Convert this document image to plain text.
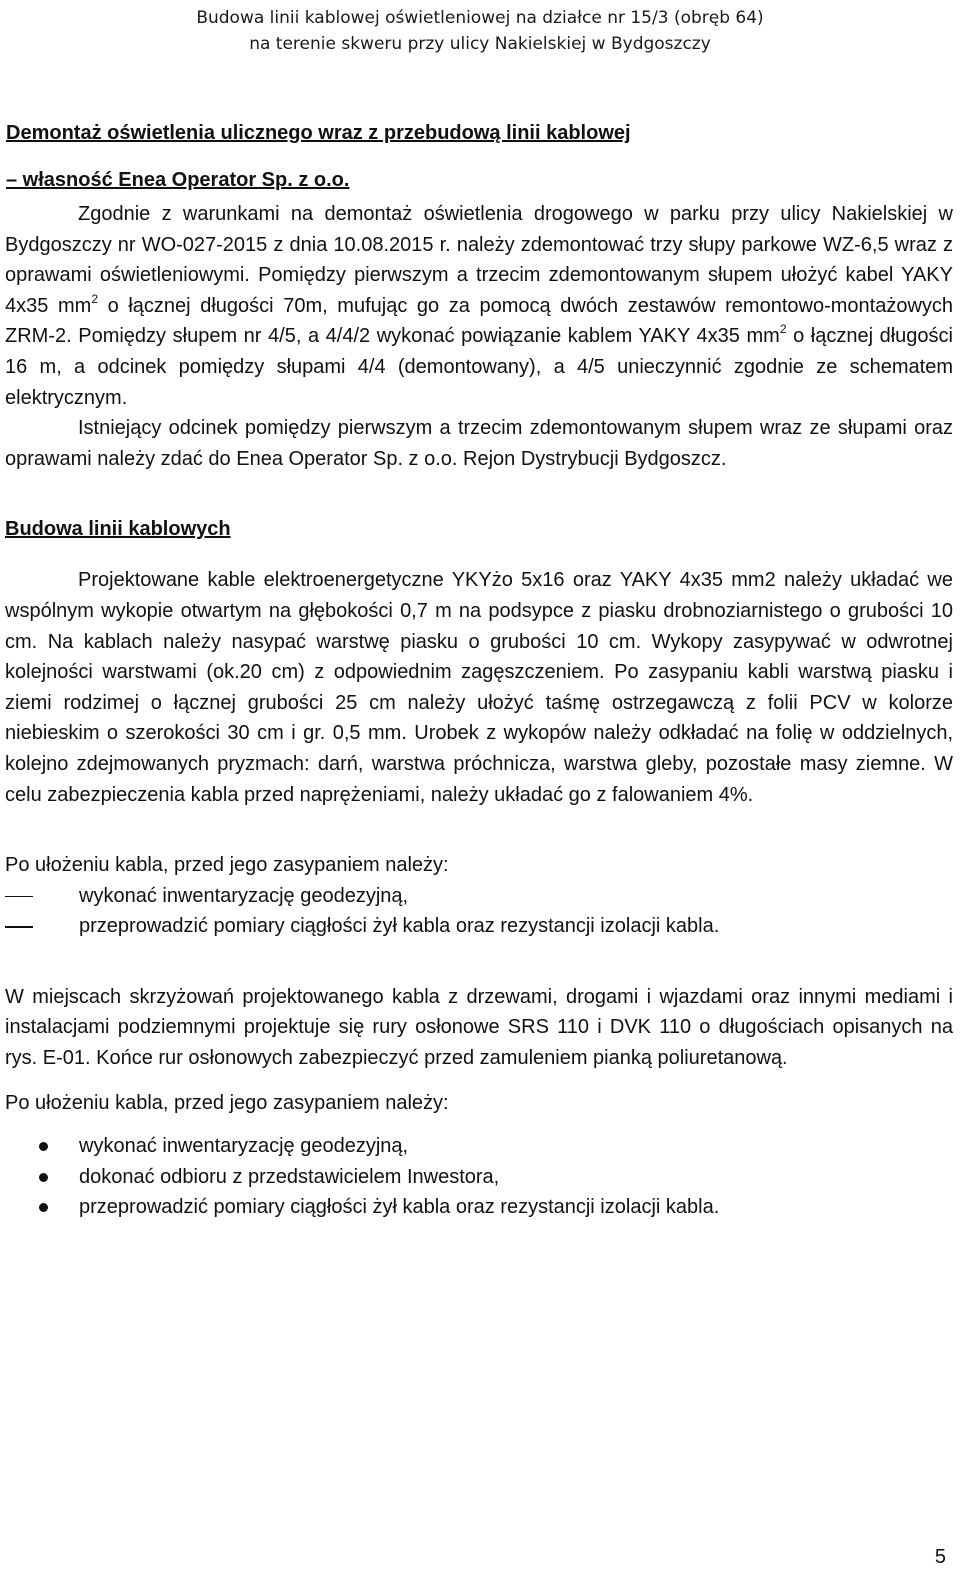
Budowa linii kablowej oświetleniowej na działce nr 15/3 (obręb 64)
na terenie skweru przy ulicy Nakielskiej w Bydgoszczy
Demontaż oświetlenia ulicznego wraz z przebudową linii kablowej
– własność Enea Operator Sp. z o.o.

Zgodnie z warunkami na demontaż oświetlenia drogowego w parku przy ulicy Nakielskiej w Bydgoszczy nr WO-027-2015 z dnia 10.08.2015 r. należy zdemontować trzy słupy parkowe WZ-6,5 wraz z oprawami oświetleniowymi. Pomiędzy pierwszym a trzecim zdemontowanym słupem ułożyć kabel YAKY 4x35 $mm^2$ o łącznej długości 70m, mufując go za pomocą dwóch zestawów remontowo-montażowych ZRM-2. Pomiędzy słupem nr 4/5, a 4/4/2 wykonać powiązanie kablem YAKY 4x35 $mm^2$ o łącznej długości 16 m, a odcinek pomiędzy słupami 4/4 (demontowany), a 4/5 unieczynnić zgodnie ze schematem elektrycznym.

Istniejący odcinek pomiędzy pierwszym a trzecim zdemontowanym słupem wraz ze słupami oraz oprawami należy zdać do Enea Operator Sp. z o.o. Rejon Dystrybucji Bydgoszcz.

Budowa linii kablowych

Projektowane kable elektroenergetyczne YKYżo 5x16 oraz YAKY 4x35 mm2 należy układać we wspólnym wykopie otwartym na głębokości 0,7 m na podsypce z piasku drobnoziarnistego o grubości 10 cm. Na kablach należy nasypać warstwę piasku o grubości 10 cm. Wykopy zasypywać w odwrotnej kolejności warstwami (ok.20 cm) z odpowiednim zagęszczeniem. Po zasypaniu kabli warstwą piasku i ziemi rodzimej o łącznej grubości 25 cm należy ułożyć taśmę ostrzegawczą z folii PCV w kolorze niebieskim o szerokości 30 cm i gr. 0,5 mm. Urobek z wykopów należy odkładać na folię w oddzielnych, kolejno zdejmowanych pryzmach: darń, warstwa próchnicza, warstwa gleby, pozostałe masy ziemne. W celu zabezpieczenia kabla przed naprężeniami, należy układać go z falowaniem 4%.

Po ułożeniu kabla, przed jego zasypaniem należy:

wykonać inwentaryzację geodezyjną,
przeprowadzić pomiary ciągłości żył kabla oraz rezystancji izolacji kabla.

W miejscach skrzyżowań projektowanego kabla z drzewami, drogami i wjazdami oraz innymi mediami i instalacjami podziemnymi projektuje się rury osłonowe SRS 110 i DVK 110 o długościach opisanych na rys. E-01. Końce rur osłonowych zabezpieczyć przed zamuleniem pianką poliuretanową.

Po ułożeniu kabla, przed jego zasypaniem należy:

wykonać inwentaryzację geodezyjną,
dokonać odbioru z przedstawicielem Inwestora,
przeprowadzić pomiary ciągłości żył kabla oraz rezystancji izolacji kabla.
5
